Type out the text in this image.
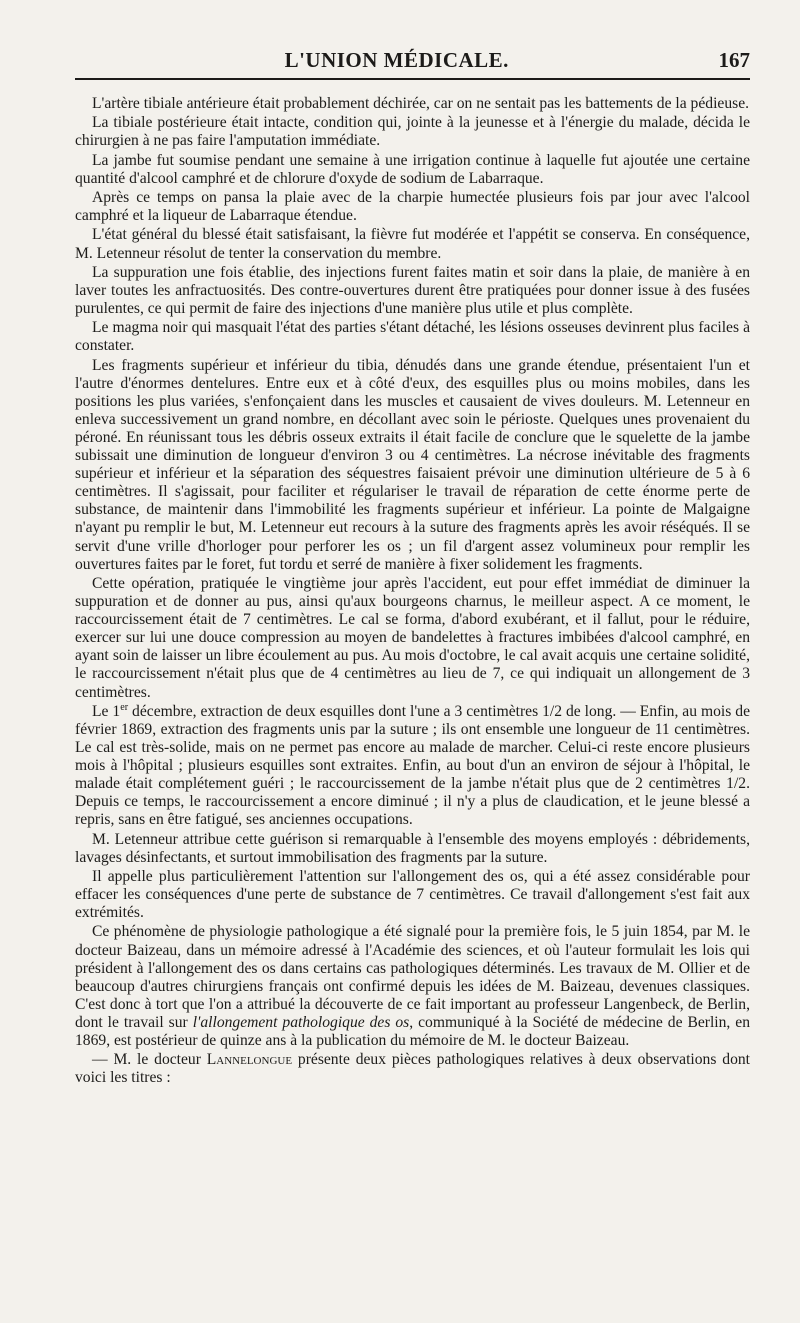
L'UNION MÉDICALE.	167

L'artère tibiale antérieure était probablement déchirée, car on ne sentait pas les battements de la pédieuse.

La tibiale postérieure était intacte, condition qui, jointe à la jeunesse et à l'énergie du malade, décida le chirurgien à ne pas faire l'amputation immédiate.

La jambe fut soumise pendant une semaine à une irrigation continue à laquelle fut ajoutée une certaine quantité d'alcool camphré et de chlorure d'oxyde de sodium de Labarraque.

Après ce temps on pansa la plaie avec de la charpie humectée plusieurs fois par jour avec l'alcool camphré et la liqueur de Labarraque étendue.

L'état général du blessé était satisfaisant, la fièvre fut modérée et l'appétit se conserva. En conséquence, M. Letenneur résolut de tenter la conservation du membre.

La suppuration une fois établie, des injections furent faites matin et soir dans la plaie, de manière à en laver toutes les anfractuosités. Des contre-ouvertures durent être pratiquées pour donner issue à des fusées purulentes, ce qui permit de faire des injections d'une manière plus utile et plus complète.

Le magma noir qui masquait l'état des parties s'étant détaché, les lésions osseuses devinrent plus faciles à constater.

Les fragments supérieur et inférieur du tibia, dénudés dans une grande étendue, présentaient l'un et l'autre d'énormes dentelures. Entre eux et à côté d'eux, des esquilles plus ou moins mobiles, dans les positions les plus variées, s'enfonçaient dans les muscles et causaient de vives douleurs. M. Letenneur en enleva successivement un grand nombre, en décollant avec soin le périoste. Quelques unes provenaient du péroné. En réunissant tous les débris osseux extraits il était facile de conclure que le squelette de la jambe subissait une diminution de longueur d'environ 3 ou 4 centimètres. La nécrose inévitable des fragments supérieur et inférieur et la séparation des séquestres faisaient prévoir une diminution ultérieure de 5 à 6 centimètres. Il s'agissait, pour faciliter et régulariser le travail de réparation de cette énorme perte de substance, de maintenir dans l'immobilité les fragments supérieur et inférieur. La pointe de Malgaigne n'ayant pu remplir le but, M. Letenneur eut recours à la suture des fragments après les avoir réséqués. Il se servit d'une vrille d'horloger pour perforer les os ; un fil d'argent assez volumineux pour remplir les ouvertures faites par le foret, fut tordu et serré de manière à fixer solidement les fragments.

Cette opération, pratiquée le vingtième jour après l'accident, eut pour effet immédiat de diminuer la suppuration et de donner au pus, ainsi qu'aux bourgeons charnus, le meilleur aspect. A ce moment, le raccourcissement était de 7 centimètres. Le cal se forma, d'abord exubérant, et il fallut, pour le réduire, exercer sur lui une douce compression au moyen de bandelettes à fractures imbibées d'alcool camphré, en ayant soin de laisser un libre écoulement au pus. Au mois d'octobre, le cal avait acquis une certaine solidité, le raccourcissement n'était plus que de 4 centimètres au lieu de 7, ce qui indiquait un allongement de 3 centimètres.

Le 1er décembre, extraction de deux esquilles dont l'une a 3 centimètres 1/2 de long. — Enfin, au mois de février 1869, extraction des fragments unis par la suture ; ils ont ensemble une longueur de 11 centimètres. Le cal est très-solide, mais on ne permet pas encore au malade de marcher. Celui-ci reste encore plusieurs mois à l'hôpital ; plusieurs esquilles sont extraites. Enfin, au bout d'un an environ de séjour à l'hôpital, le malade était complétement guéri ; le raccourcissement de la jambe n'était plus que de 2 centimètres 1/2. Depuis ce temps, le raccourcissement a encore diminué ; il n'y a plus de claudication, et le jeune blessé a repris, sans en être fatigué, ses anciennes occupations.

M. Letenneur attribue cette guérison si remarquable à l'ensemble des moyens employés : débridements, lavages désinfectants, et surtout immobilisation des fragments par la suture.

Il appelle plus particulièrement l'attention sur l'allongement des os, qui a été assez considérable pour effacer les conséquences d'une perte de substance de 7 centimètres. Ce travail d'allongement s'est fait aux extrémités.

Ce phénomène de physiologie pathologique a été signalé pour la première fois, le 5 juin 1854, par M. le docteur Baizeau, dans un mémoire adressé à l'Académie des sciences, et où l'auteur formulait les lois qui président à l'allongement des os dans certains cas pathologiques déterminés. Les travaux de M. Ollier et de beaucoup d'autres chirurgiens français ont confirmé depuis les idées de M. Baizeau, devenues classiques. C'est donc à tort que l'on a attribué la découverte de ce fait important au professeur Langenbeck, de Berlin, dont le travail sur l'allongement pathologique des os, communiqué à la Société de médecine de Berlin, en 1869, est postérieur de quinze ans à la publication du mémoire de M. le docteur Baizeau.

— M. le docteur Lannelongue présente deux pièces pathologiques relatives à deux observations dont voici les titres :
